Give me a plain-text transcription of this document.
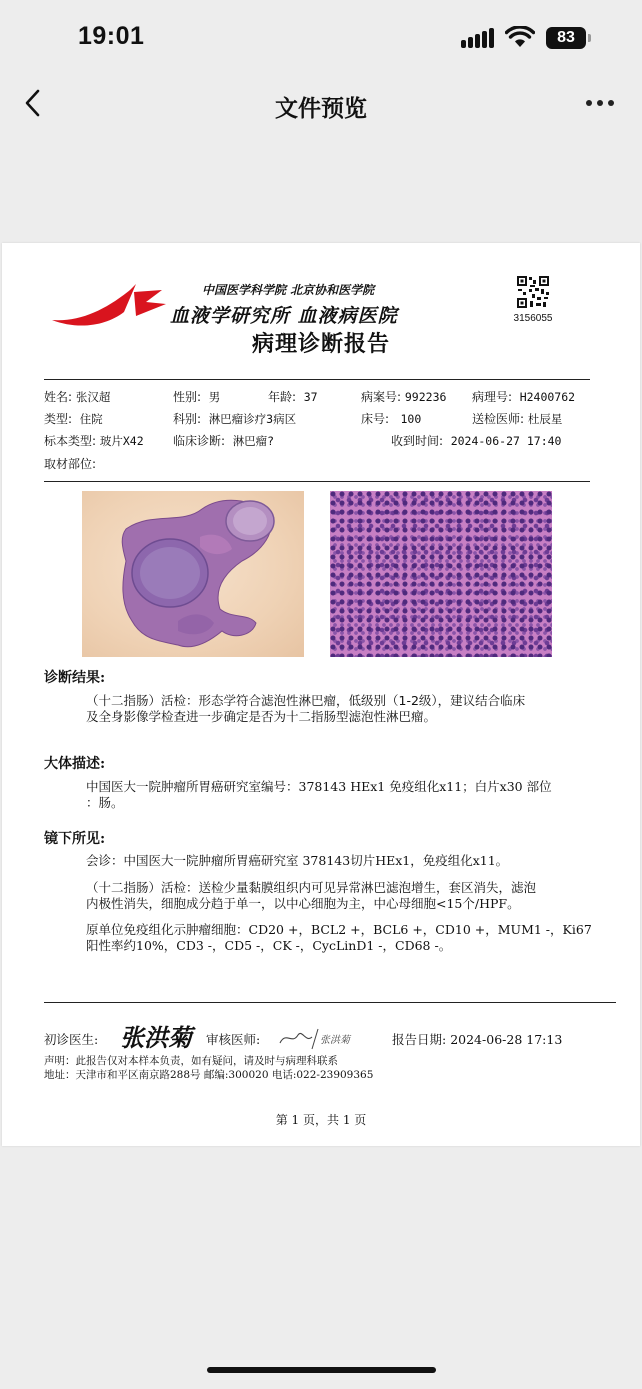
19:01	83
文件预览
中国医学科学院 北京协和医学院
血液学研究所 血液病医院	3156055
病理诊断报告
姓名: 张汉超	性别: 男	年龄: 37	病案号: 992236 病理号: H2400762
类型: 住院	科别: 淋巴瘤诊疗3病区	床号: 100	送检医师: 杜辰星
标本类型: 玻片X42 临床诊断: 淋巴瘤?	收到时间: 2024-06-27 17:40
取材部位:
诊断结果:
（十二指肠）活检：形态学符合滤泡性淋巴瘤，低级别（1-2级），建议结合临床
及全身影像学检查进一步确定是否为十二指肠型滤泡性淋巴瘤。
大体描述:
中国医大一院肿瘤所胃癌研究室编号：378143 HEx1 免疫组化x11；白片x30 部位
：肠。
镜下所见:
会诊：中国医大一院肿瘤所胃癌研究室 378143切片HEx1，免疫组化x11。
（十二指肠）活检：送检少量黏膜组织内可见异常淋巴滤泡增生，套区消失，滤泡
内极性消失，细胞成分趋于单一，以中心细胞为主，中心母细胞<15个/HPF。
原单位免疫组化示肿瘤细胞：CD20 +，BCL2 +，BCL6 +，CD10 +，MUM1 -，Ki67
阳性率约10%，CD3 -，CD5 -，CK -，CycLinD1 -，CD68 -。
初诊医生: 张洪菊	审核医师:	张洪菊	报告日期: 2024-06-28 17:13
声明：此报告仅对本样本负责，如有疑问，请及时与病理科联系
地址：天津市和平区南京路288号 邮编:300020 电话:022-23909365
第 1 页，共 1 页
